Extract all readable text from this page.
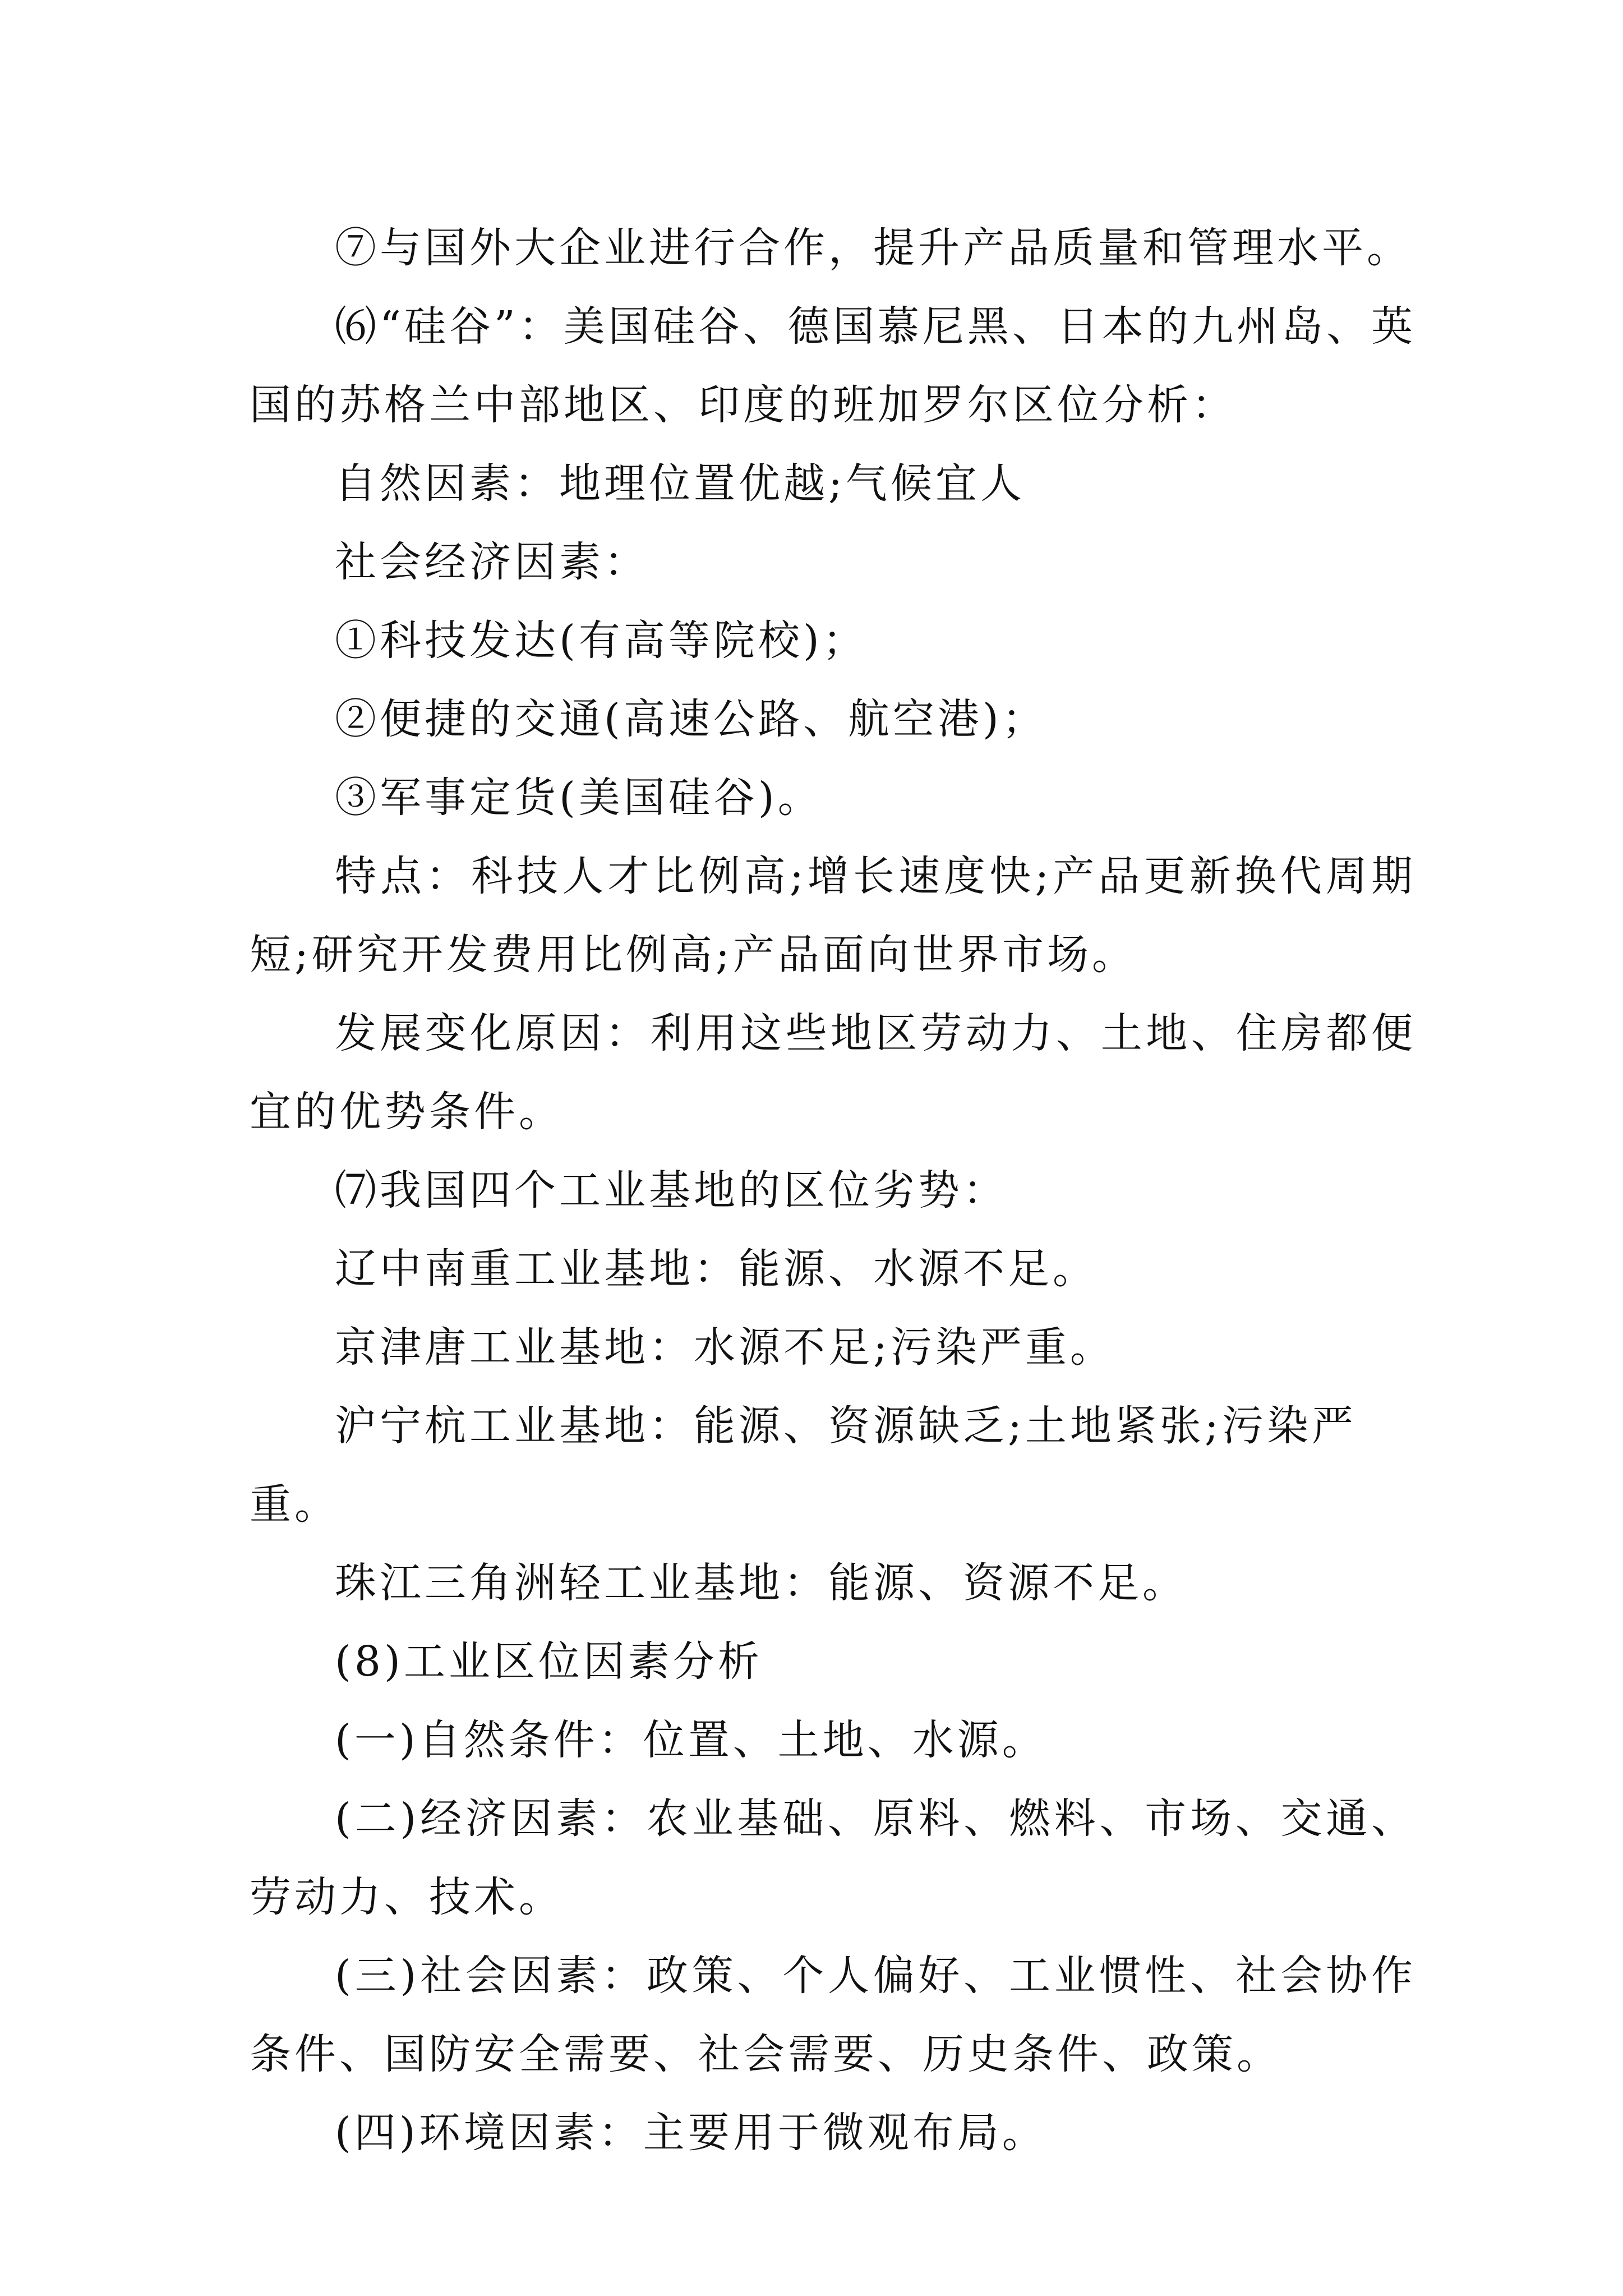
⑦与国外大企业进行合作，提升产品质量和管理水平。

⑹“硅谷”：美国硅谷、德国慕尼黑、日本的九州岛、英国的苏格兰中部地区、印度的班加罗尔区位分析：

自然因素：地理位置优越;气候宜人

社会经济因素：

①科技发达(有高等院校)；

②便捷的交通(高速公路、航空港)；

③军事定货(美国硅谷)。

特点：科技人才比例高;增长速度快;产品更新换代周期短;研究开发费用比例高;产品面向世界市场。

发展变化原因：利用这些地区劳动力、土地、住房都便宜的优势条件。

⑺我国四个工业基地的区位劣势：

辽中南重工业基地：能源、水源不足。

京津唐工业基地：水源不足;污染严重。

沪宁杭工业基地：能源、资源缺乏;土地紧张;污染严重。

珠江三角洲轻工业基地：能源、资源不足。

(8)工业区位因素分析

(一)自然条件：位置、土地、水源。

(二)经济因素：农业基础、原料、燃料、市场、交通、劳动力、技术。

(三)社会因素：政策、个人偏好、工业惯性、社会协作条件、国防安全需要、社会需要、历史条件、政策。

(四)环境因素：主要用于微观布局。
